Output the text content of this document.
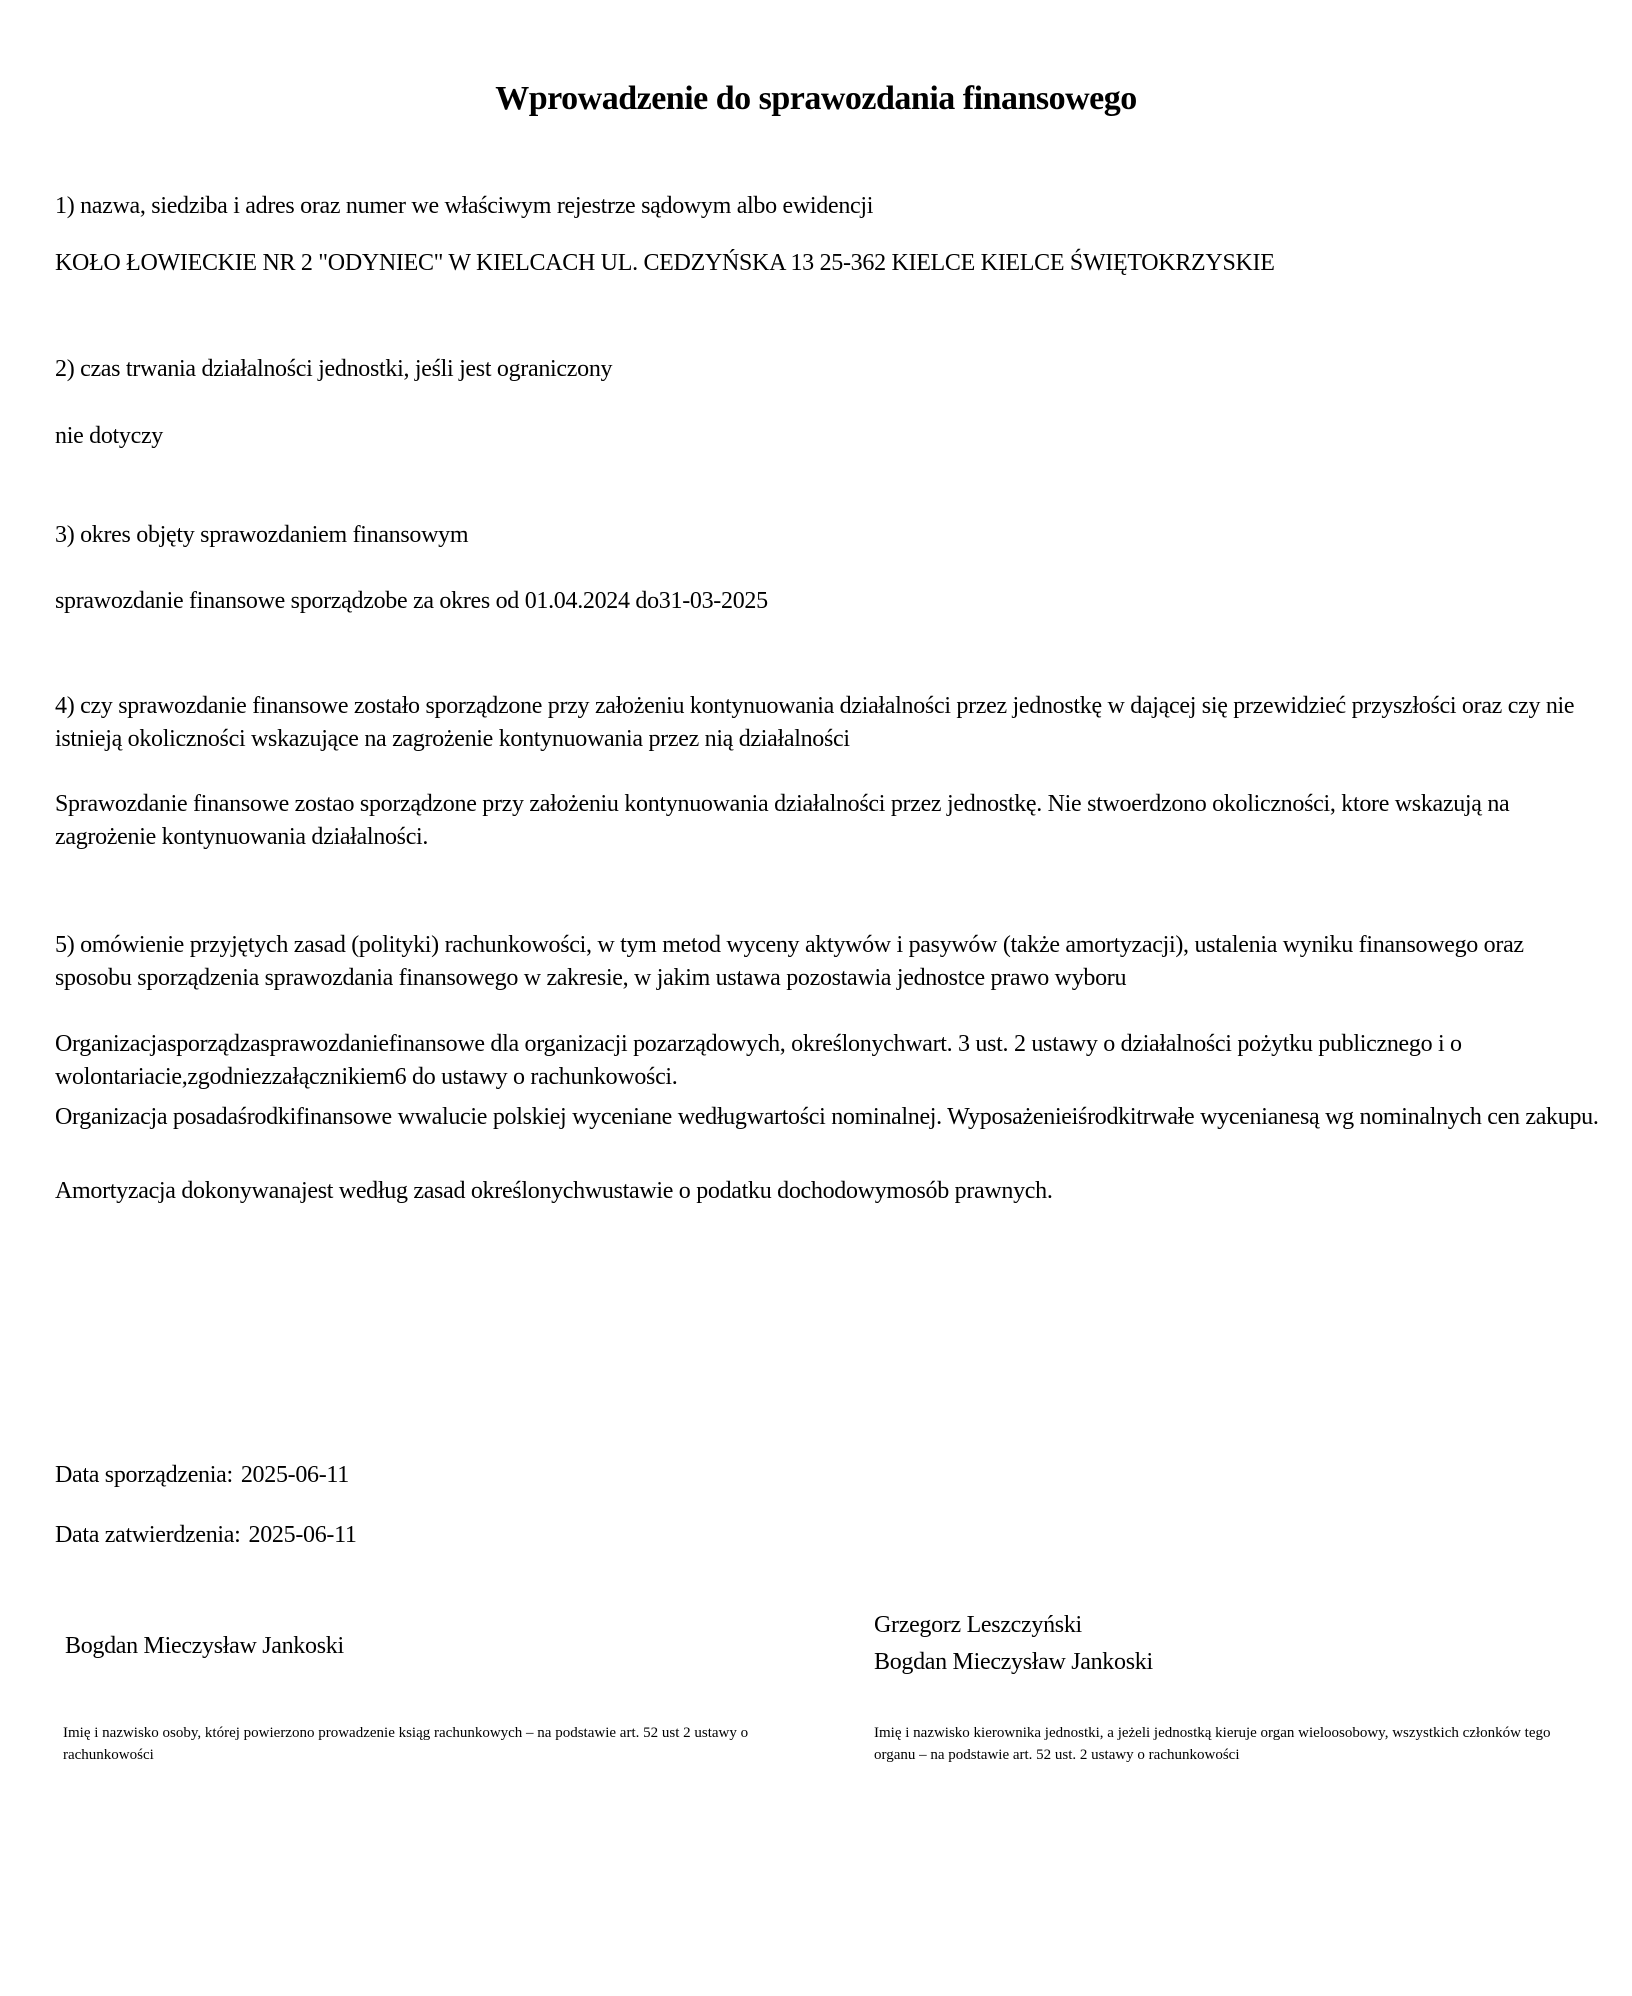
Wprowadzenie do sprawozdania finansowego
1) nazwa, siedziba i adres oraz numer we właściwym rejestrze sądowym albo ewidencji
KOŁO ŁOWIECKIE NR 2 "ODYNIEC" W KIELCACH UL. CEDZYŃSKA 13 25-362 KIELCE KIELCE ŚWIĘTOKRZYSKIE
2) czas trwania działalności jednostki, jeśli jest ograniczony
nie dotyczy
3) okres objęty sprawozdaniem finansowym
sprawozdanie finansowe sporządzobe za okres od 01.04.2024 do31-03-2025
4) czy sprawozdanie finansowe zostało sporządzone przy założeniu kontynuowania działalności przez jednostkę w dającej się przewidzieć przyszłości oraz czy nie istnieją okoliczności wskazujące na zagrożenie kontynuowania przez nią działalności
Sprawozdanie finansowe zostao sporządzone przy założeniu kontynuowania działalności przez jednostkę. Nie stwoerdzono okoliczności, ktore wskazują na zagrożenie kontynuowania działalności.
5) omówienie przyjętych zasad (polityki) rachunkowości, w tym metod wyceny aktywów i pasywów (także amortyzacji), ustalenia wyniku finansowego oraz sposobu sporządzenia sprawozdania finansowego w zakresie, w jakim ustawa pozostawia jednostce prawo wyboru
Organizacjasporządzasprawozdaniefinansowe dla organizacji pozarządowych, określonychwart. 3 ust. 2 ustawy o działalności pożytku publicznego i o wolontariacie,zgodniezzałącznikiem6 do ustawy o rachunkowości.
Organizacja posadaśrodkifinansowe wwalucie polskiej wyceniane wedługwartości nominalnej. Wyposażenieiśrodkitrwałe wycenianesą wg nominalnych cen zakupu.
Amortyzacja dokonywanajest według zasad określonychwustawie o podatku dochodowymosób prawnych.
Data sporządzenia: 2025-06-11
Data zatwierdzenia: 2025-06-11
Bogdan Mieczysław Jankoski
Grzegorz Leszczyński
Bogdan Mieczysław Jankoski
Imię i nazwisko osoby, której powierzono prowadzenie ksiąg rachunkowych – na podstawie art. 52 ust 2 ustawy o rachunkowości
Imię i nazwisko kierownika jednostki, a jeżeli jednostką kieruje organ wieloosobowy, wszystkich członków tego organu – na podstawie art. 52 ust. 2 ustawy o rachunkowości
